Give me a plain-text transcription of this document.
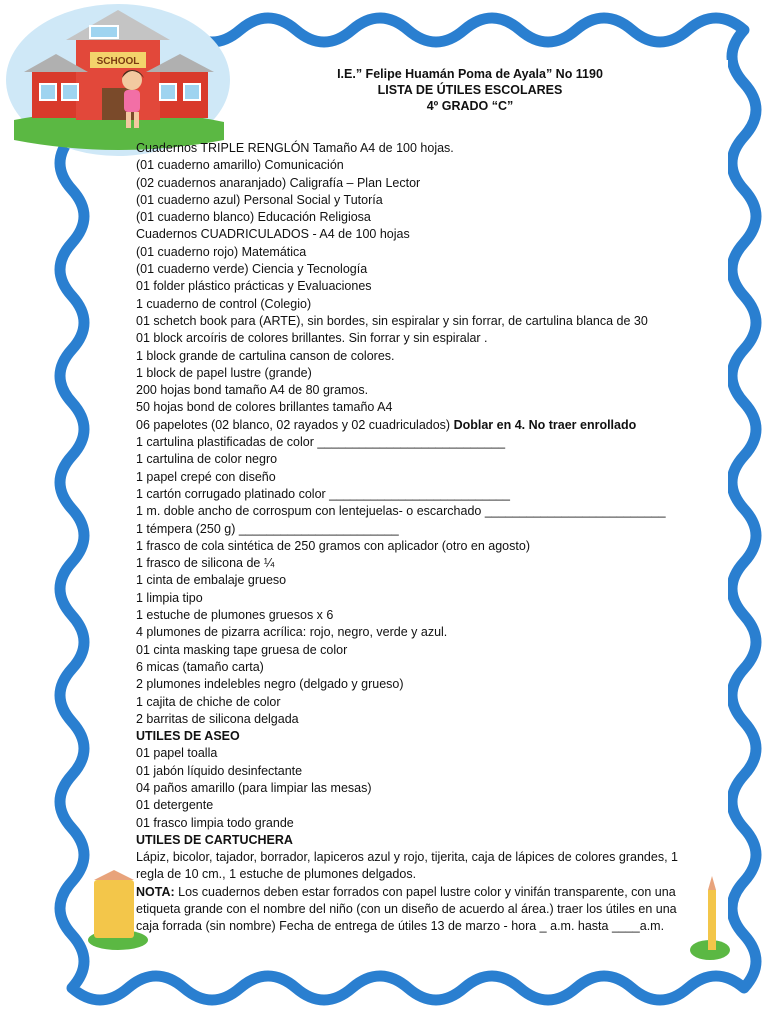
SCHOOL
I.E.” Felipe Huamán Poma de Ayala” No 1190
LISTA DE ÚTILES ESCOLARES
4º GRADO “C”
Cuadernos TRIPLE RENGLÓN Tamaño A4 de 100 hojas.
(01 cuaderno amarillo) Comunicación
(02 cuadernos anaranjado) Caligrafía – Plan Lector
(01 cuaderno azul) Personal Social y Tutoría
(01 cuaderno blanco) Educación Religiosa
Cuadernos CUADRICULADOS - A4 de 100 hojas
(01 cuaderno rojo) Matemática
(01 cuaderno verde) Ciencia y Tecnología
01 folder plástico prácticas y Evaluaciones
1 cuaderno de control (Colegio)
01 schetch book para (ARTE), sin bordes, sin espiralar y sin forrar, de cartulina blanca de 30
01 block arcoíris de colores brillantes. Sin forrar y sin espiralar .
1 block grande de cartulina canson de colores.
1 block de papel lustre (grande)
200 hojas bond tamaño A4 de 80 gramos.
50 hojas bond de colores brillantes tamaño A4
06 papelotes (02 blanco, 02 rayados y 02 cuadriculados) Doblar en 4. No traer enrollado
1 cartulina plastificadas de color ___________________________
1 cartulina de color negro
1 papel crepé con diseño
1 cartón corrugado platinado color __________________________
1 m. doble ancho de corrospum con lentejuelas- o escarchado __________________________
1 témpera (250 g) _______________________
1 frasco de cola sintética de 250 gramos con aplicador (otro en agosto)
1 frasco de silicona de ¼
1 cinta de embalaje grueso
1 limpia tipo
1 estuche de plumones gruesos x 6
4 plumones de pizarra acrílica: rojo, negro, verde y azul.
01 cinta masking tape gruesa de color
6 micas (tamaño carta)
2 plumones indelebles negro (delgado y grueso)
1 cajita de chiche de color
2 barritas de silicona delgada
UTILES DE ASEO
01 papel toalla
01 jabón líquido desinfectante
04 paños amarillo (para limpiar las mesas)
01 detergente
01 frasco limpia todo grande
UTILES DE CARTUCHERA
Lápiz, bicolor, tajador, borrador, lapiceros azul y rojo, tijerita, caja de lápices de colores grandes, 1 regla de 10 cm., 1 estuche de plumones delgados.
NOTA: Los cuadernos deben estar forrados con papel lustre color y vinifán transparente, con una etiqueta grande con el nombre del niño (con un diseño de acuerdo al área.) traer los útiles en una caja forrada (sin nombre) Fecha de entrega de útiles 13 de marzo - hora _ a.m. hasta ____a.m.
